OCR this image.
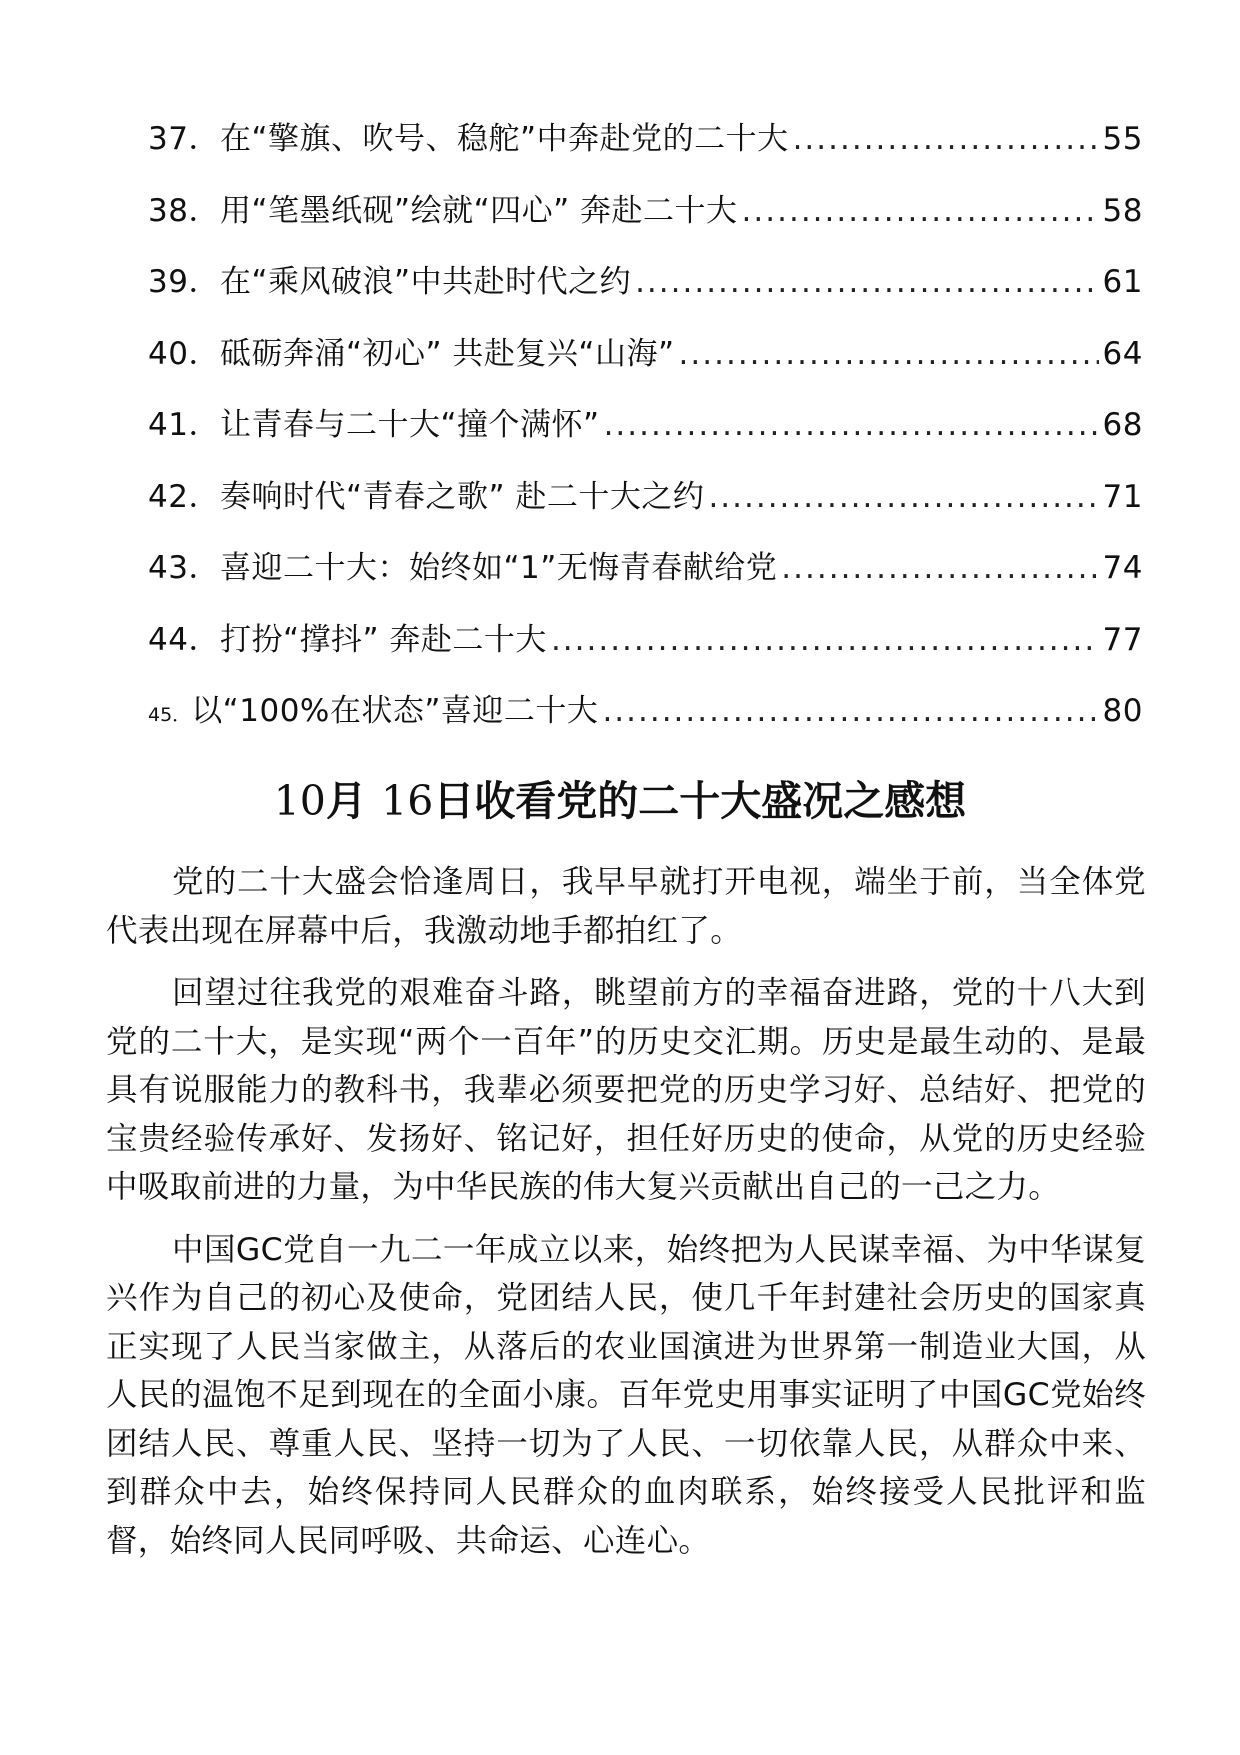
37． 在“擎旗、吹号、稳舵”中奔赴党的二十大 .....	55
38． 用“笔墨纸砚”绘就“四心” 奔赴二十大 .....	58
39． 在“乘风破浪”中共赴时代之约 .....	61
40． 砥砺奔涌“初心” 共赴复兴“山海” .....	64
41． 让青春与二十大“撞个满怀” .....	68
42． 奏响时代“青春之歌” 赴二十大之约 .....	71
43． 喜迎二十大：始终如“1”无悔青春献给党 .....	74
44． 打扮“撑抖” 奔赴二十大 .....	77
45． 以“100%在状态”喜迎二十大 .....	80
10月 16日收看党的二十大盛况之感想

党的二十大盛会恰逢周日，我早早就打开电视，端坐于前，当全体党代表出现在屏幕中后，我激动地手都拍红了。

回望过往我党的艰难奋斗路，眺望前方的幸福奋进路，党的十八大到党的二十大，是实现“两个一百年”的历史交汇期。历史是最生动的、是最具有说服能力的教科书，我辈必须要把党的历史学习好、总结好、把党的宝贵经验传承好、发扬好、铭记好，担任好历史的使命，从党的历史经验中吸取前进的力量，为中华民族的伟大复兴贡献出自己的一己之力。

中国GC党自一九二一年成立以来，始终把为人民谋幸福、为中华谋复兴作为自己的初心及使命，党团结人民，使几千年封建社会历史的国家真正实现了人民当家做主，从落后的农业国演进为世界第一制造业大国，从人民的温饱不足到现在的全面小康。百年党史用事实证明了中国GC党始终团结人民、尊重人民、坚持一切为了人民、一切依靠人民，从群众中来、到群众中去，始终保持同人民群众的血肉联系，始终接受人民批评和监督，始终同人民同呼吸、共命运、心连心。
